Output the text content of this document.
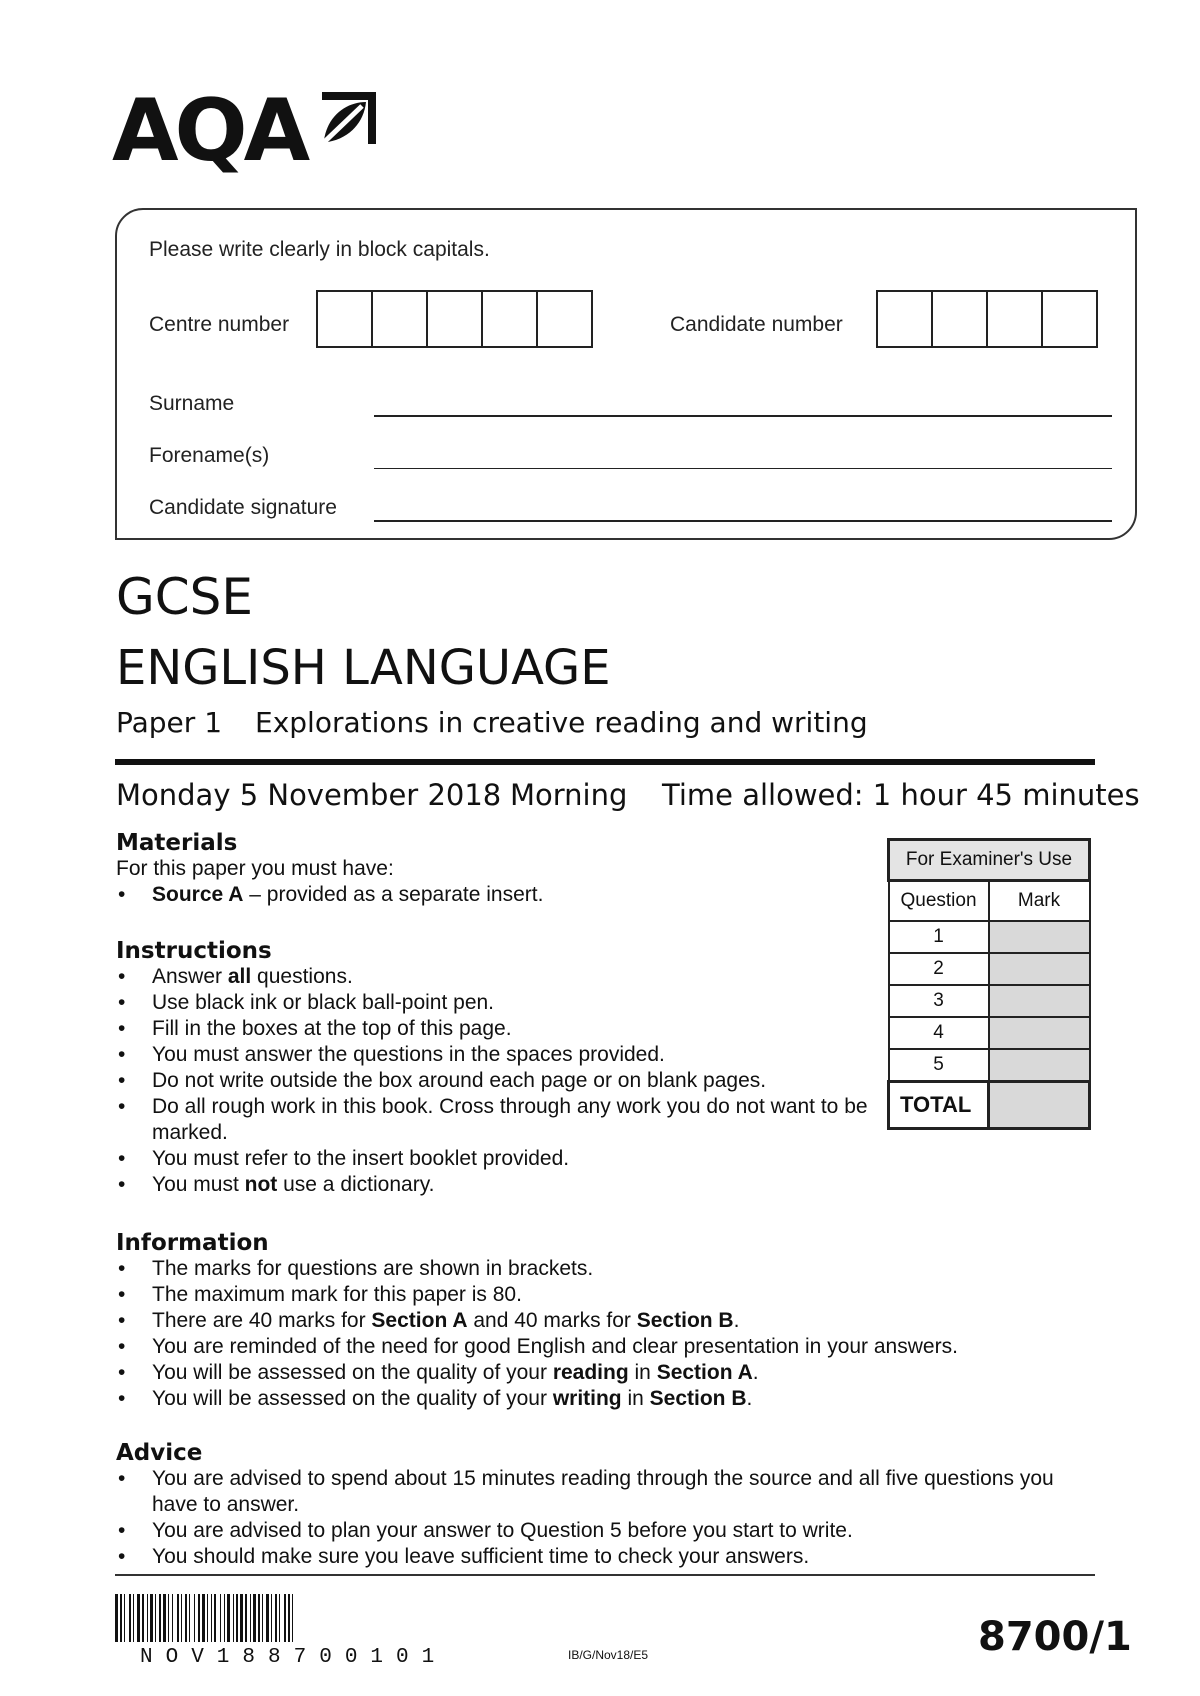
AQA
Please write clearly in block capitals.
Centre number	Candidate number
Surname
Forename(s)
Candidate signature
GCSE
ENGLISH LANGUAGE
Paper 1 Explorations in creative reading and writing
Monday 5 November 2018 Morning Time allowed: 1 hour 45 minutes
Materials
For this paper you must have:
• Source A – provided as a separate insert.
Instructions
• Answer all questions.
• Use black ink or black ball-point pen.
• Fill in the boxes at the top of this page.
• You must answer the questions in the spaces provided.
• Do not write outside the box around each page or on blank pages.
• Do all rough work in this book. Cross through any work you do not want to be marked.
• You must refer to the insert booklet provided.
• You must not use a dictionary.
Information
• The marks for questions are shown in brackets.
• The maximum mark for this paper is 80.
• There are 40 marks for Section A and 40 marks for Section B.
• You are reminded of the need for good English and clear presentation in your answers.
• You will be assessed on the quality of your reading in Section A.
• You will be assessed on the quality of your writing in Section B.
Advice
• You are advised to spend about 15 minutes reading through the source and all five questions you have to answer.
• You are advised to plan your answer to Question 5 before you start to write.
• You should make sure you leave sufficient time to check your answers.
For Examiner's Use	
Question	Mark
1	
2	
3	
4	
5	
TOTAL	
NOV188700101	IB/G/Nov18/E5	8700/1
